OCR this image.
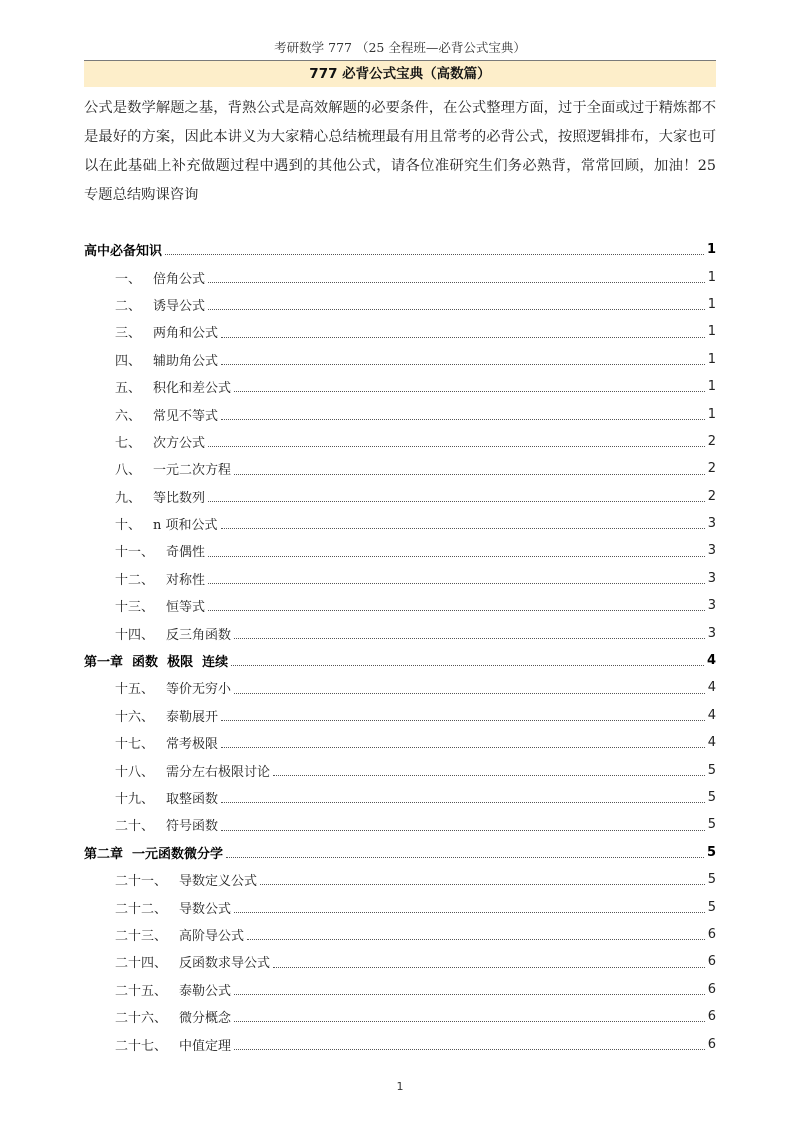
考研数学 777 （25 全程班—必背公式宝典）
777 必背公式宝典（高数篇）

公式是数学解题之基，背熟公式是高效解题的必要条件，在公式整理方面，过于全面或过于精炼都不是最好的方案，因此本讲义为大家精心总结梳理最有用且常考的必背公式，按照逻辑排布，大家也可以在此基础上补充做题过程中遇到的其他公式，请各位准研究生们务必熟背，常常回顾，加油！25 专题总结购课咨询

高中必备知识	1
一、 倍角公式	1
二、 诱导公式	1
三、 两角和公式	1
四、 辅助角公式	1
五、 积化和差公式	1
六、 常见不等式	1
七、 次方公式	2
八、 一元二次方程	2
九、 等比数列	2
十、 n 项和公式	3
十一、 奇偶性	3
十二、 对称性	3
十三、 恒等式	3
十四、 反三角函数	3
第一章  函数  极限  连续	4
十五、 等价无穷小	4
十六、 泰勒展开	4
十七、 常考极限	4
十八、 需分左右极限讨论	5
十九、 取整函数	5
二十、 符号函数	5
第二章  一元函数微分学	5
二十一、 导数定义公式	5
二十二、 导数公式	5
二十三、 高阶导公式	6
二十四、 反函数求导公式	6
二十五、 泰勒公式	6
二十六、 微分概念	6
二十七、 中值定理	6
1
